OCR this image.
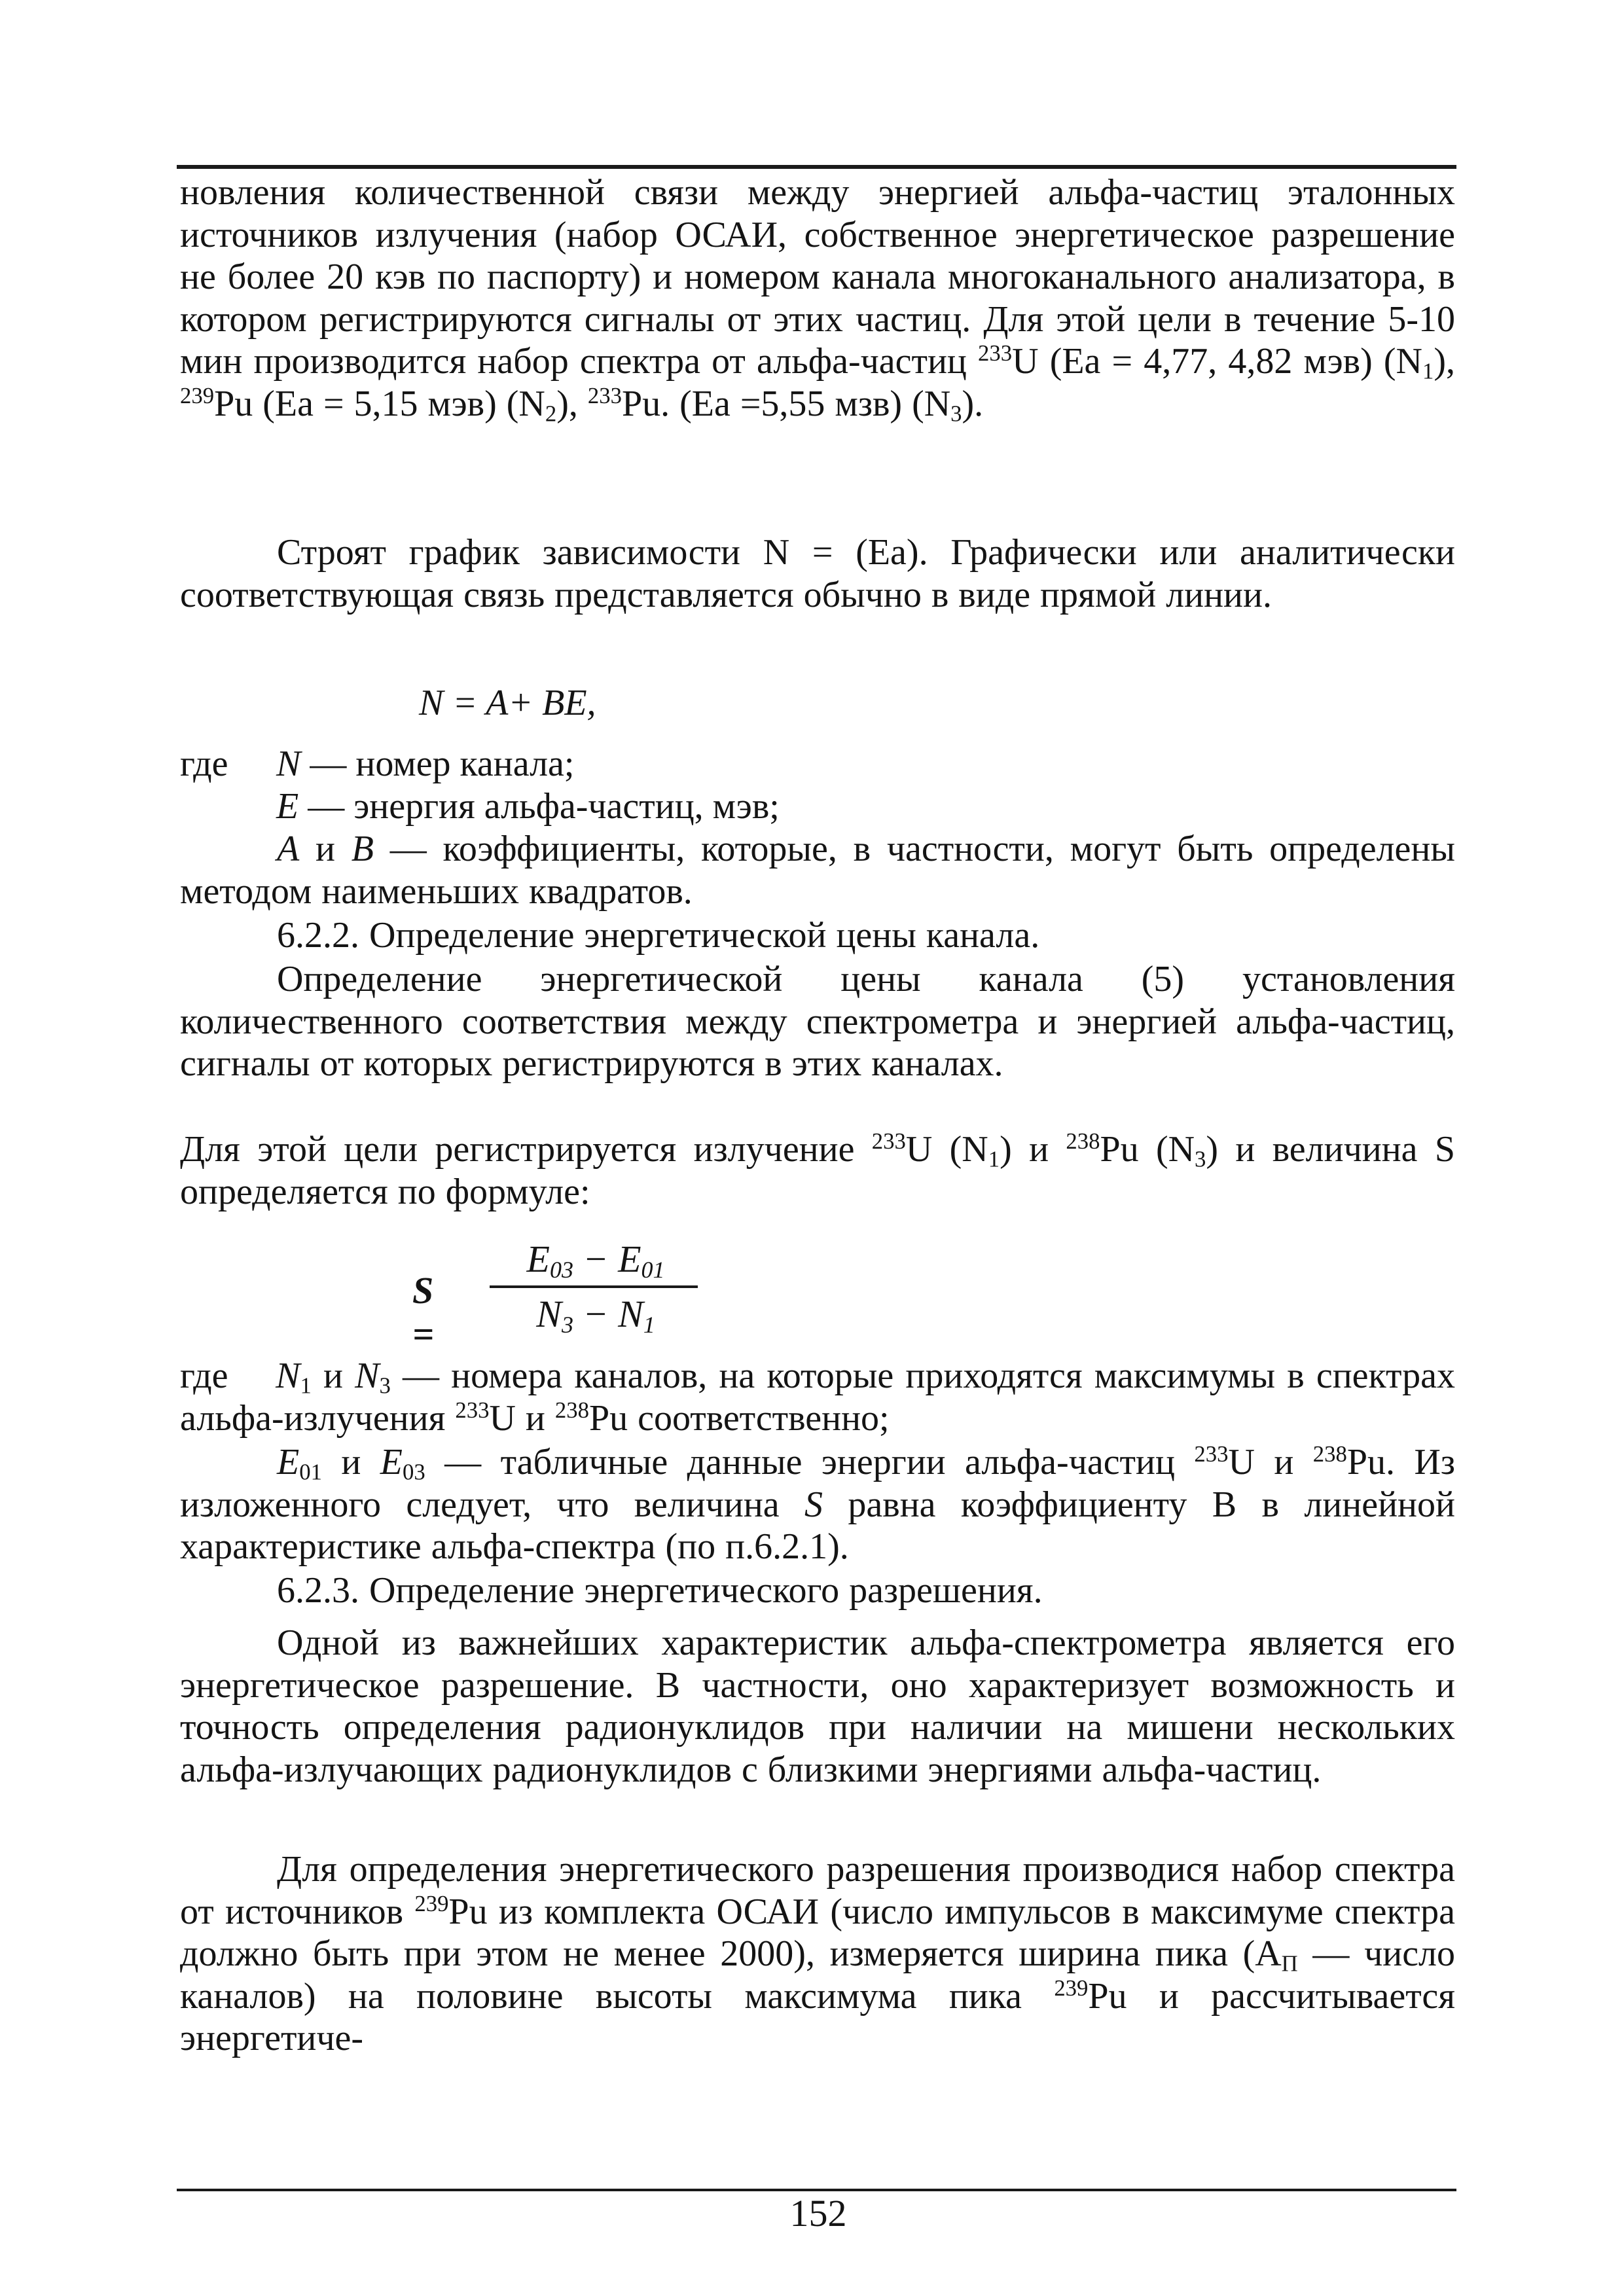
новления количественной связи между энергией альфа-частиц эталонных источников излучения (набор ОСАИ, собственное энергетическое разрешение не более 20 кэв по паспорту) и номером канала многоканального анализатора, в котором регистрируются сигналы от этих частиц. Для этой цели в течение 5-10 мин производится набор спектра от альфа-частиц $^{233}$U (Ea = 4,77, 4,82 мэв) $(N_1)$, $^{239}$Pu (Ea = 5,15 мэв) $(N_2)$, $^{233}$Pu. (Ea =5,55 мзв) $(N_3)$.

Строят график зависимости N = (Ea). Графически или аналитически соответствующая связь представляется обычно в виде прямой линии.

N = A+ BE,
где N — номер канала;
E — энергия альфа-частиц, мэв;

A и B — коэффициенты, которые, в частности, могут быть определены методом наименьших квадратов.

6.2.2. Определение энергетической цены канала.

Определение энергетической цены канала (5) установления количественного соответствия между спектрометра и энергией альфа-частиц, сигналы от которых регистрируются в этих каналах.

Для этой цели регистрируется излучение $^{233}$U $(N_1)$ и $^{238}$Pu $(N_3)$ и величина S определяется по формуле:

S =
$E_{03} - E_{01}$
$N_3 - N_1$

где $N_1$ и $N_3$ — номера каналов, на которые приходятся максимумы в спектрах альфа-излучения $^{233}$U и $^{238}$Pu соответственно;

$E_{01}$ и $E_{03}$ — табличные данные энергии альфа-частиц $^{233}$U и $^{238}$Pu. Из изложенного следует, что величина S равна коэффициенту В в линейной характеристике альфа-спектра (по п.6.2.1).

6.2.3. Определение энергетического разрешения.

Одной из важнейших характеристик альфа-спектрометра является его энергетическое разрешение. В частности, оно характеризует возможность и точность определения радионуклидов при наличии на мишени нескольких альфа-излучающих радионуклидов с близкими энергиями альфа-частиц.

Для определения энергетического разрешения производися набор спектра от источников $^{239}$Pu из комплекта ОСАИ (число импульсов в максимуме спектра должно быть при этом не менее 2000), измеряется ширина пика ($A_П$ — число каналов) на половине высоты максимума пика $^{239}$Pu и рассчитывается энергетиче-

152
